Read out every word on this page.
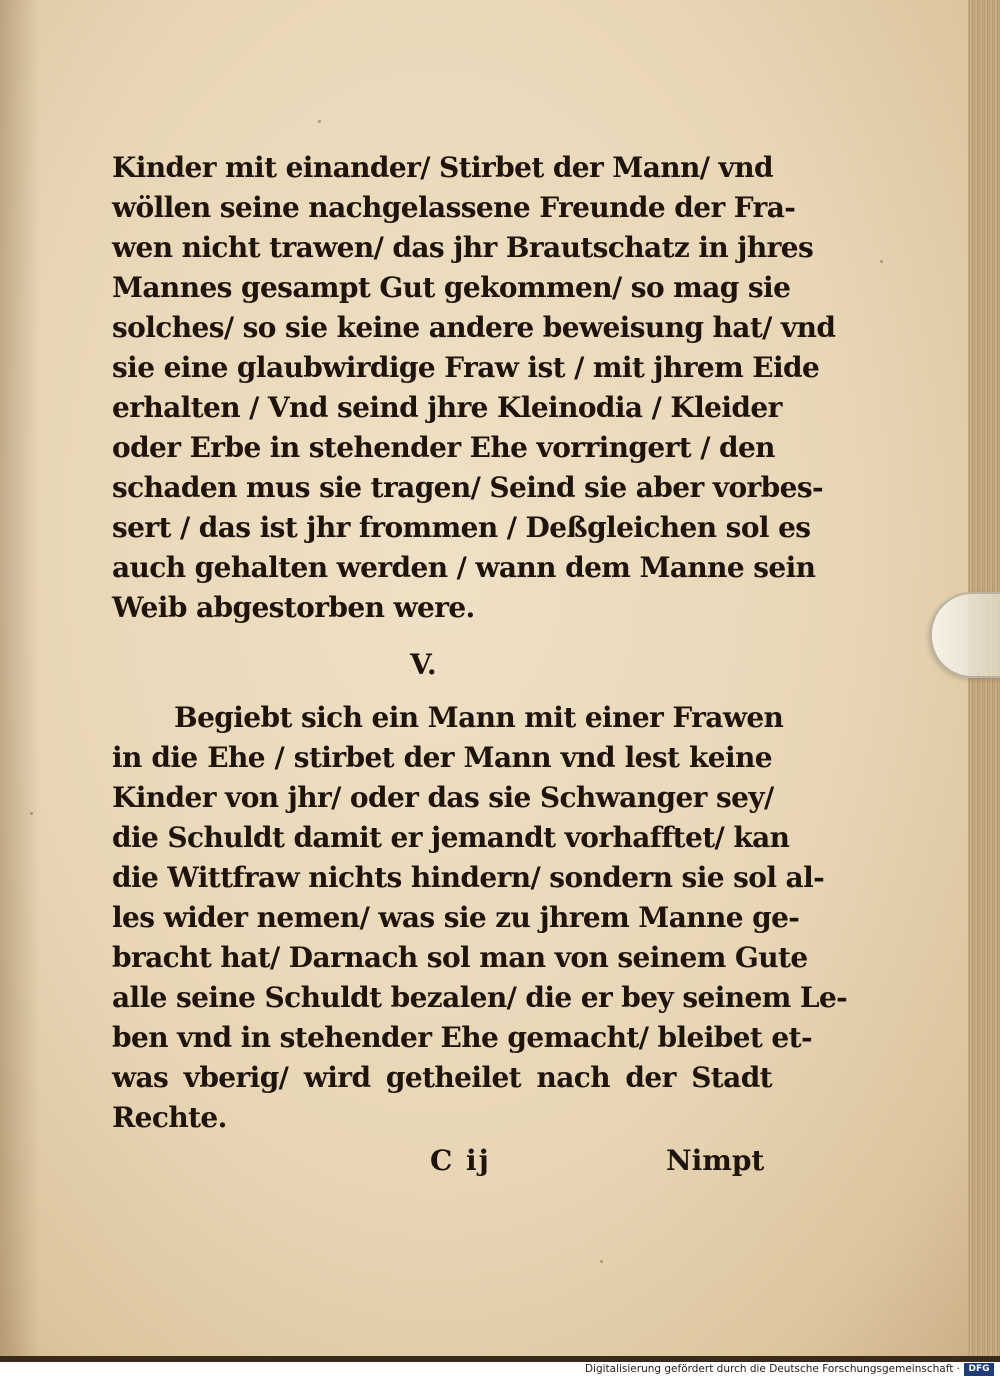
Kinder mit einander/ Stirbet der Mann/ vnd
wöllen seine nachgelassene Freunde der Fra-
wen nicht trawen/ das jhr Brautschatz in jhres
Mannes gesampt Gut gekommen/ so mag sie
solches/ so sie keine andere beweisung hat/ vnd
sie eine glaubwirdige Fraw ist / mit jhrem Eide
erhalten / Vnd seind jhre Kleinodia / Kleider
oder Erbe in stehender Ehe vorringert / den
schaden mus sie tragen/ Seind sie aber vorbes-
sert / das ist jhr frommen / Deßgleichen sol es
auch gehalten werden / wann dem Manne sein
Weib abgestorben were.
V.
Begiebt sich ein Mann mit einer Frawen
in die Ehe / stirbet der Mann vnd lest keine
Kinder von jhr/ oder das sie Schwanger sey/
die Schuldt damit er jemandt vorhafftet/ kan
die Wittfraw nichts hindern/ sondern sie sol al-
les wider nemen/ was sie zu jhrem Manne ge-
bracht hat/ Darnach sol man von seinem Gute
alle seine Schuldt bezalen/ die er bey seinem Le-
ben vnd in stehender Ehe gemacht/ bleibet et-
was vberig/ wird getheilet nach der Stadt
Rechte.
C ij	Nimpt
Digitalisierung gefördert durch die Deutsche Forschungsgemeinschaft · DFG
